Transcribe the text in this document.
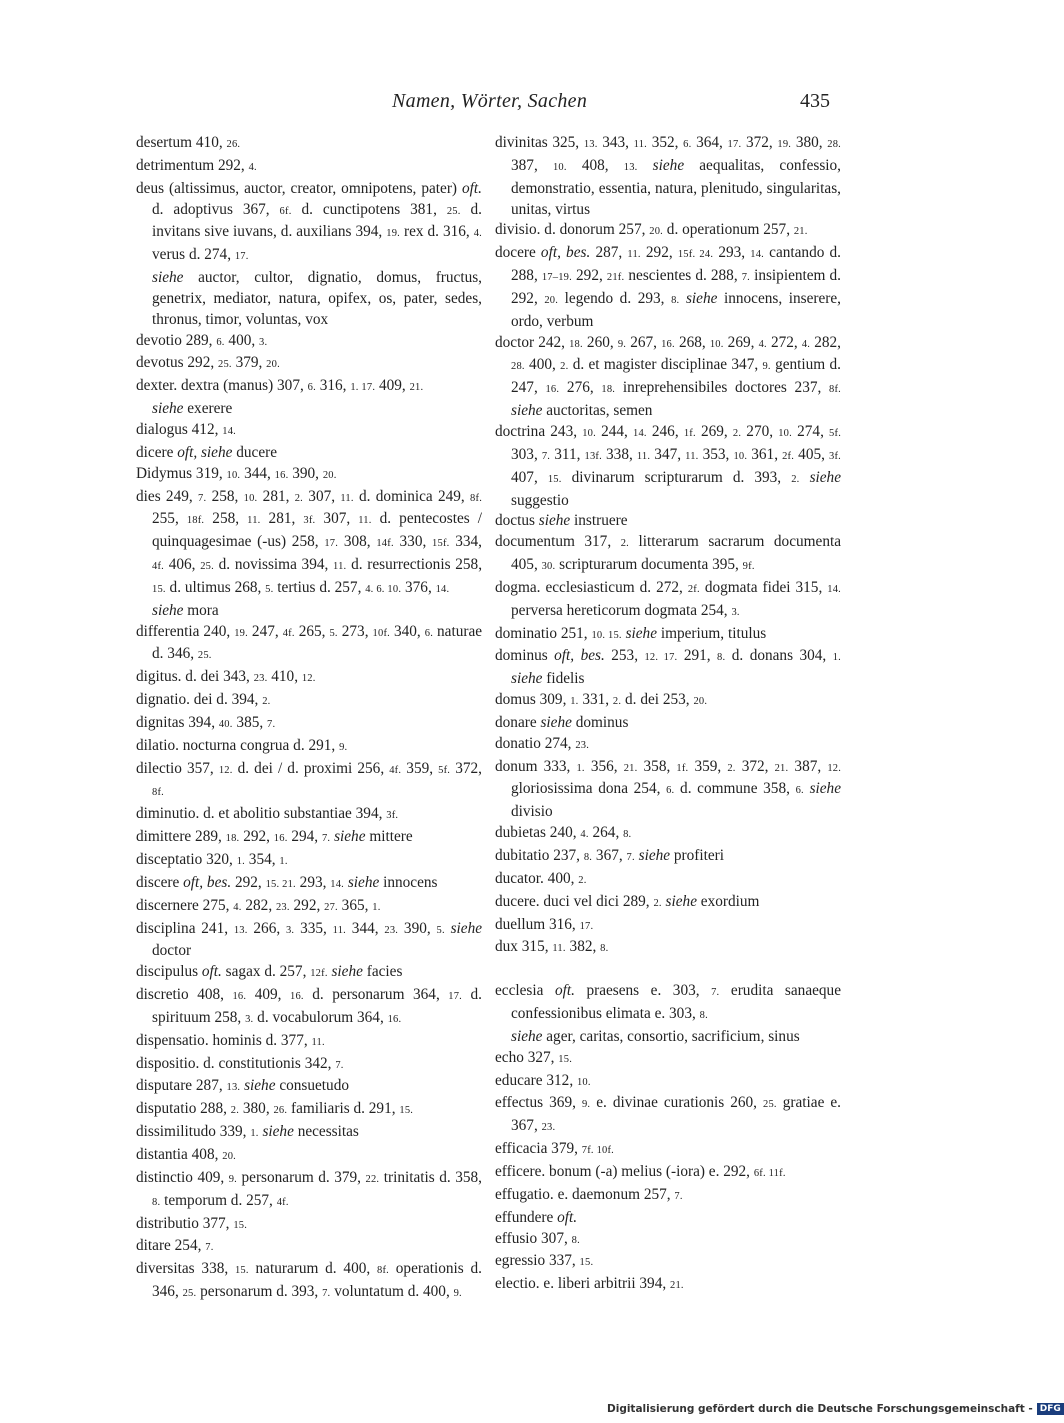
Namen, Wörter, Sachen	435

desertum 410, 26.

detrimentum 292, 4.

deus (altissimus, auctor, creator, omnipotens, pater) oft. d. adoptivus 367, 6f. d. cunctipotens 381, 25. d. invitans sive iuvans, d. auxilians 394, 19. rex d. 316, 4. verus d. 274, 17.

siehe auctor, cultor, dignatio, domus, fructus, genetrix, mediator, natura, opifex, os, pater, sedes, thronus, timor, voluntas, vox

devotio 289, 6. 400, 3.

devotus 292, 25. 379, 20.

dexter. dextra (manus) 307, 6. 316, 1. 17. 409, 21.

siehe exerere

dialogus 412, 14.

dicere oft, siehe ducere

Didymus 319, 10. 344, 16. 390, 20.

dies 249, 7. 258, 10. 281, 2. 307, 11. d. dominica 249, 8f. 255, 18f. 258, 11. 281, 3f. 307, 11. d. pentecostes / quinquagesimae (-us) 258, 17. 308, 14f. 330, 15f. 334, 4f. 406, 25. d. novissima 394, 11. d. resurrectionis 258, 15. d. ultimus 268, 5. tertius d. 257, 4. 6. 10. 376, 14.

siehe mora

differentia 240, 19. 247, 4f. 265, 5. 273, 10f. 340, 6. naturae d. 346, 25.

digitus. d. dei 343, 23. 410, 12.

dignatio. dei d. 394, 2.

dignitas 394, 40. 385, 7.

dilatio. nocturna congrua d. 291, 9.

dilectio 357, 12. d. dei / d. proximi 256, 4f. 359, 5f. 372, 8f.

diminutio. d. et abolitio substantiae 394, 3f.

dimittere 289, 18. 292, 16. 294, 7. siehe mittere

disceptatio 320, 1. 354, 1.

discere oft, bes. 292, 15. 21. 293, 14. siehe innocens

discernere 275, 4. 282, 23. 292, 27. 365, 1.

disciplina 241, 13. 266, 3. 335, 11. 344, 23. 390, 5. siehe doctor

discipulus oft. sagax d. 257, 12f. siehe facies

discretio 408, 16. 409, 16. d. personarum 364, 17. d. spirituum 258, 3. d. vocabulorum 364, 16.

dispensatio. hominis d. 377, 11.

dispositio. d. constitutionis 342, 7.

disputare 287, 13. siehe consuetudo

disputatio 288, 2. 380, 26. familiaris d. 291, 15.

dissimilitudo 339, 1. siehe necessitas

distantia 408, 20.

distinctio 409, 9. personarum d. 379, 22. trinitatis d. 358, 8. temporum d. 257, 4f.

distributio 377, 15.

ditare 254, 7.

diversitas 338, 15. naturarum d. 400, 8f. operationis d. 346, 25. personarum d. 393, 7. voluntatum d. 400, 9.

divinitas 325, 13. 343, 11. 352, 6. 364, 17. 372, 19. 380, 28. 387, 10. 408, 13. siehe aequalitas, confessio, demonstratio, essentia, natura, plenitudo, singularitas, unitas, virtus

divisio. d. donorum 257, 20. d. operationum 257, 21.

docere oft, bes. 287, 11. 292, 15f. 24. 293, 14. cantando d. 288, 17–19. 292, 21f. nescientes d. 288, 7. insipientem d. 292, 20. legendo d. 293, 8. siehe innocens, inserere, ordo, verbum

doctor 242, 18. 260, 9. 267, 16. 268, 10. 269, 4. 272, 4. 282, 28. 400, 2. d. et magister disciplinae 347, 9. gentium d. 247, 16. 276, 18. inreprehensibiles doctores 237, 8f. siehe auctoritas, semen

doctrina 243, 10. 244, 14. 246, 1f. 269, 2. 270, 10. 274, 5f. 303, 7. 311, 13f. 338, 11. 347, 11. 353, 10. 361, 2f. 405, 3f. 407, 15. divinarum scripturarum d. 393, 2. siehe suggestio

doctus siehe instruere

documentum 317, 2. litterarum sacrarum documenta 405, 30. scripturarum documenta 395, 9f.

dogma. ecclesiasticum d. 272, 2f. dogmata fidei 315, 14. perversa hereticorum dogmata 254, 3.

dominatio 251, 10. 15. siehe imperium, titulus

dominus oft, bes. 253, 12. 17. 291, 8. d. donans 304, 1. siehe fidelis

domus 309, 1. 331, 2. d. dei 253, 20.

donare siehe dominus

donatio 274, 23.

donum 333, 1. 356, 21. 358, 1f. 359, 2. 372, 21. 387, 12. gloriosissima dona 254, 6. d. commune 358, 6. siehe divisio

dubietas 240, 4. 264, 8.

dubitatio 237, 8. 367, 7. siehe profiteri

ducator. 400, 2.

ducere. duci vel dici 289, 2. siehe exordium

duellum 316, 17.

dux 315, 11. 382, 8.

ecclesia oft. praesens e. 303, 7. erudita sanaeque confessionibus elimata e. 303, 8.

siehe ager, caritas, consortio, sacrificium, sinus

echo 327, 15.

educare 312, 10.

effectus 369, 9. e. divinae curationis 260, 25. gratiae e. 367, 23.

efficacia 379, 7f. 10f.

efficere. bonum (-a) melius (-iora) e. 292, 6f. 11f.

effugatio. e. daemonum 257, 7.

effundere oft.

effusio 307, 8.

egressio 337, 15.

electio. e. liberi arbitrii 394, 21.

Digitalisierung gefördert durch die Deutsche Forschungsgemeinschaft - DFG
